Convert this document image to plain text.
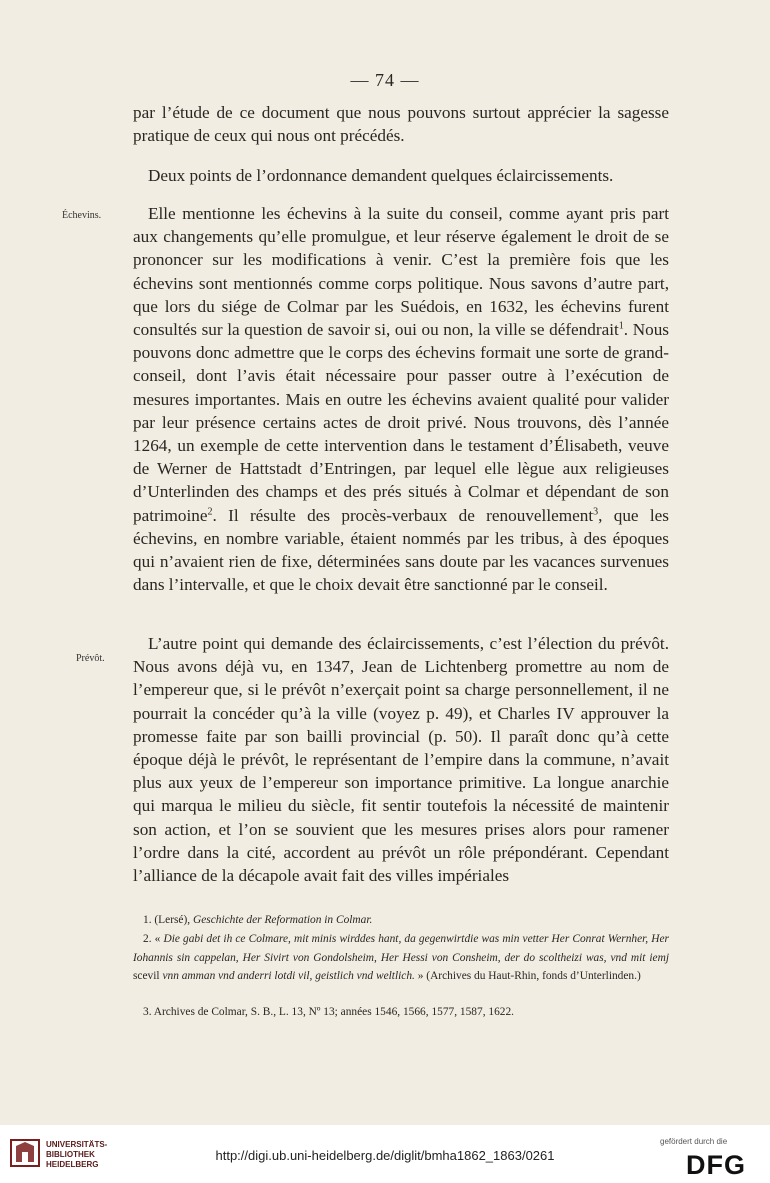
— 74 —

par l’étude de ce document que nous pouvons surtout apprécier la sagesse pratique de ceux qui nous ont précédés.

Deux points de l’ordonnance demandent quelques éclaircissements.

Échevins.	Elle mentionne les échevins à la suite du conseil, comme ayant pris part aux changements qu’elle promulgue, et leur réserve également le droit de se prononcer sur les modifications à venir. C’est la première fois que les échevins sont mentionnés comme corps politique. Nous savons d’autre part, que lors du siége de Colmar par les Suédois, en 1632, les échevins furent consultés sur la question de savoir si, oui ou non, la ville se défendrait$^1$. Nous pouvons donc admettre que le corps des échevins formait une sorte de grand-conseil, dont l’avis était nécessaire pour passer outre à l’exécution de mesures importantes. Mais en outre les échevins avaient qualité pour valider par leur présence certains actes de droit privé. Nous trouvons, dès l’année 1264, un exemple de cette intervention dans le testament d’Élisabeth, veuve de Werner de Hattstadt d’Entringen, par lequel elle lègue aux religieuses d’Unterlinden des champs et des prés situés à Colmar et dépendant de son patrimoine$^2$. Il résulte des procès-verbaux de renouvellement$^3$, que les échevins, en nombre variable, étaient nommés par les tribus, à des époques qui n’avaient rien de fixe, déterminées sans doute par les vacances survenues dans l’intervalle, et que le choix devait être sanctionné par le conseil.

Prévôt.

L’autre point qui demande des éclaircissements, c’est l’élection du prévôt. Nous avons déjà vu, en 1347, Jean de Lichtenberg promettre au nom de l’empereur que, si le prévôt n’exerçait point sa charge personnellement, il ne pourrait la concéder qu’à la ville (voyez p. 49), et Charles IV approuver la promesse faite par son bailli provincial (p. 50). Il paraît donc qu’à cette époque déjà le prévôt, le représentant de l’empire dans la commune, n’avait plus aux yeux de l’empereur son importance primitive. La longue anarchie qui marqua le milieu du siècle, fit sentir toutefois la nécessité de maintenir son action, et l’on se souvient que les mesures prises alors pour ramener l’ordre dans la cité, accordent au prévôt un rôle prépondérant. Cependant l’alliance de la décapole avait fait des villes impériales

1. (Lersé), Geschichte der Reformation in Colmar.

2. « Die gabi det ih ce Colmare, mit minis wirddes hant, da gegenwirtdie was min vetter Her Conrat Wernher, Her Iohannis sin cappelan, Her Sivirt von Gondolsheim, Her Hessi von Consheim, der do scoltheizi was, vnd mit iemj scevil vnn amman vnd anderri lotdi vil, geistlich vnd weltlich. » (Archives du Haut-Rhin, fonds d’Unterlinden.)

3. Archives de Colmar, S. B., L. 13, Nº 13; années 1546, 1566, 1577, 1587, 1622.

UNIVERSITÄTS- BIBLIOTHEK HEIDELBERG
http://digi.ub.uni-heidelberg.de/diglit/bmha1862_1863/0261
gefördert durch die
DFG
